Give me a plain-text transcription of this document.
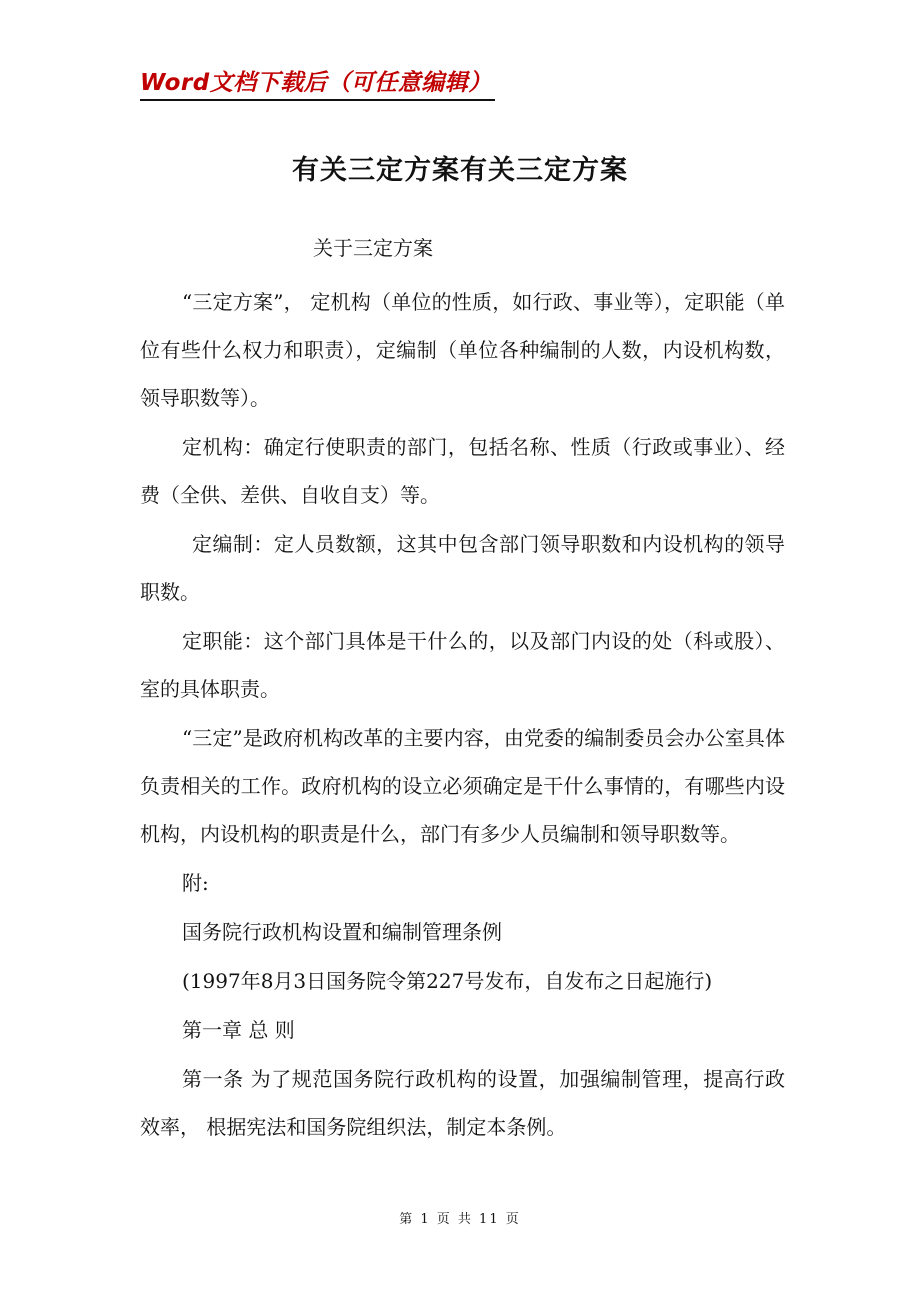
Word文档下载后（可任意编辑）
有关三定方案有关三定方案
关于三定方案

“三定方案”， 定机构（单位的性质，如行政、事业等），定职能（单位有些什么权力和职责），定编制（单位各种编制的人数，内设机构数，领导职数等）。

定机构：确定行使职责的部门，包括名称、性质（行政或事业）、经费（全供、差供、自收自支）等。

定编制：定人员数额，这其中包含部门领导职数和内设机构的领导职数。

定职能：这个部门具体是干什么的，以及部门内设的处（科或股）、室的具体职责。

“三定”是政府机构改革的主要内容，由党委的编制委员会办公室具体负责相关的工作。政府机构的设立必须确定是干什么事情的，有哪些内设机构，内设机构的职责是什么，部门有多少人员编制和领导职数等。

附:

国务院行政机构设置和编制管理条例

(1997年8月3日国务院令第227号发布，自发布之日起施行)

第一章 总 则

第一条 为了规范国务院行政机构的设置，加强编制管理，提高行政效率， 根据宪法和国务院组织法，制定本条例。

第 1 页 共 11 页
